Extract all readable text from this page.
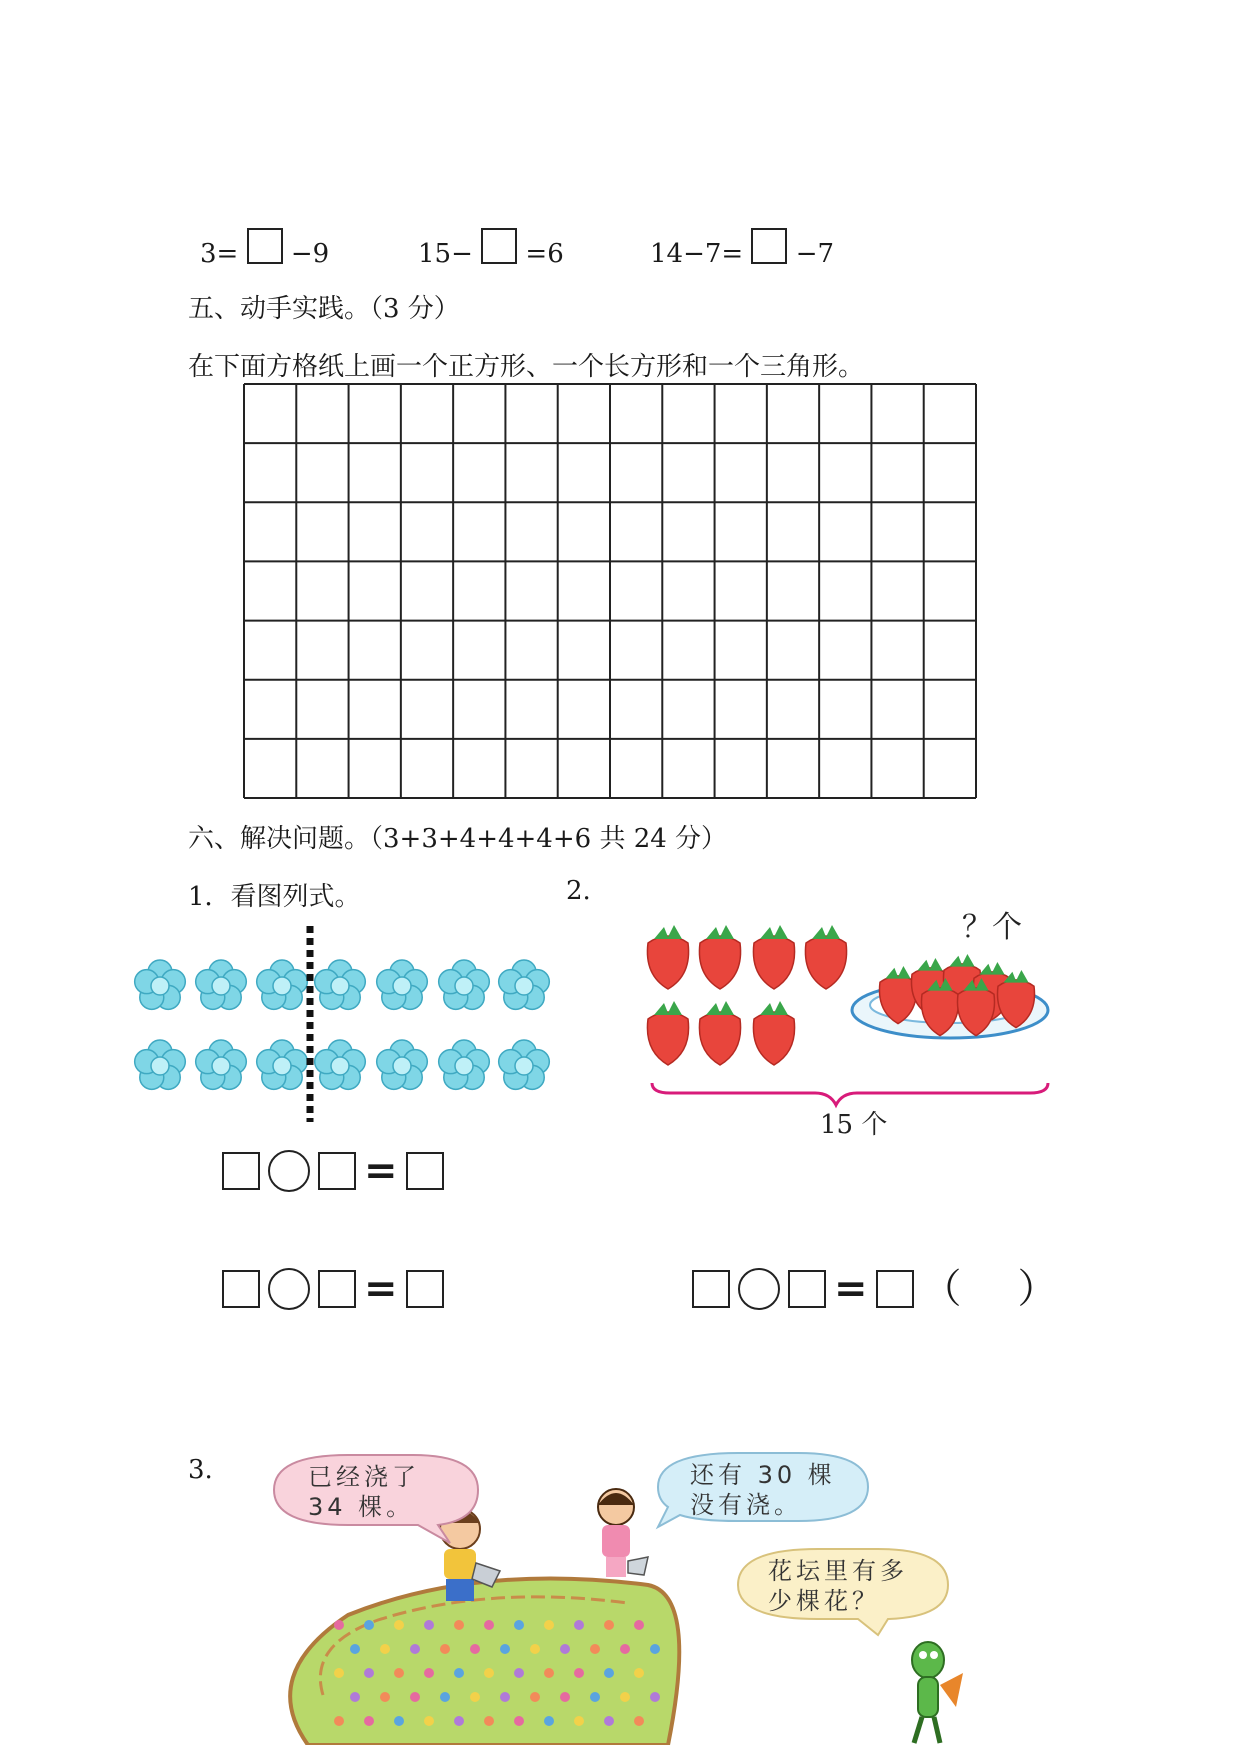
3= −9	15− =6	14−7= −7
五、动手实践。（3 分）
在下面方格纸上画一个正方形、一个长方形和一个三角形。
六、解决问题。（3+3+4+4+4+6 共 24 分）
1．看图列式。	2.
？个
15 个
=
=	= （ ）
3.	已经浇了
34 棵。
还有 30 棵
没有浇。
花坛里有多
少棵花？
